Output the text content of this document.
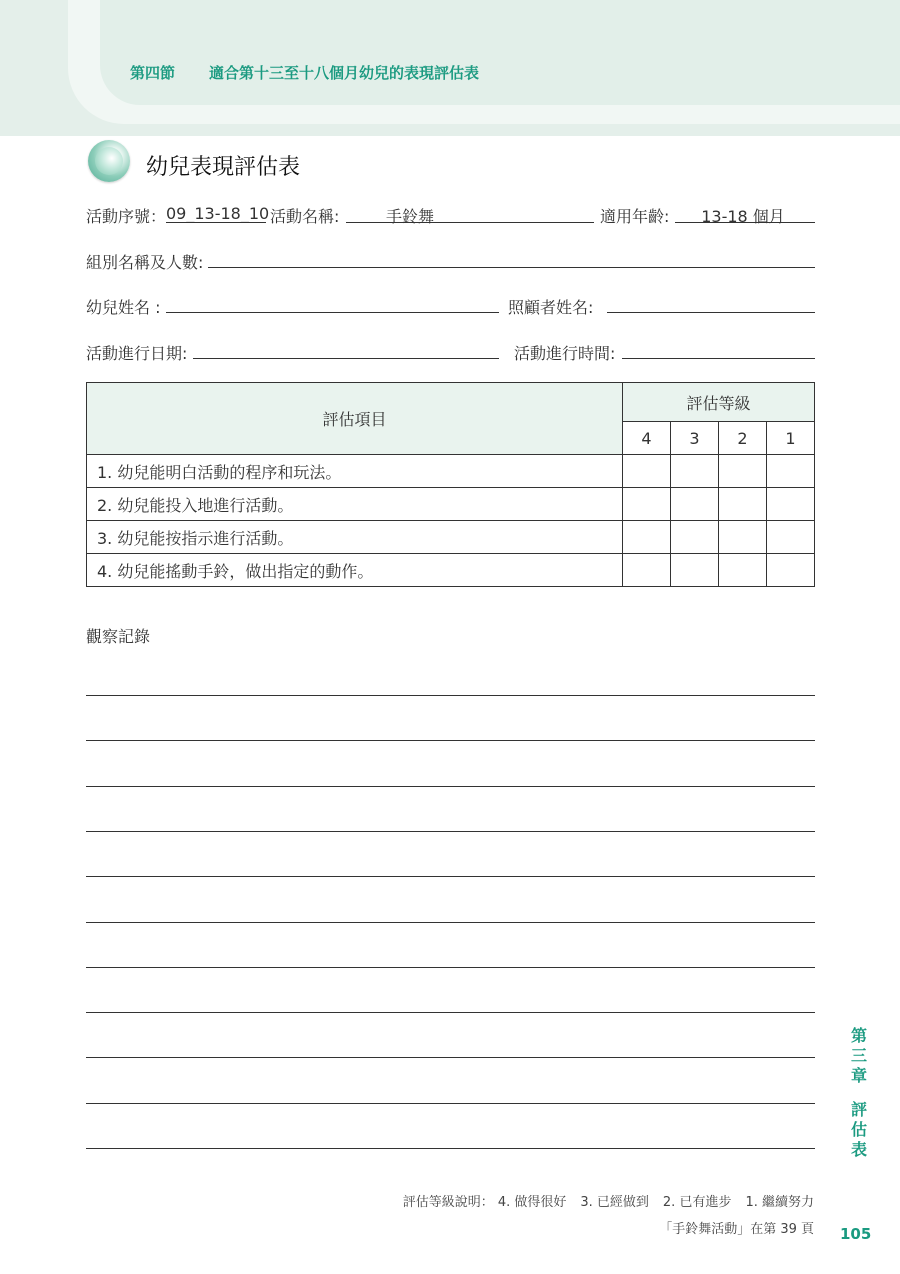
第四節 適合第十三至十八個月幼兒的表現評估表
幼兒表現評估表
活動序號： 09_13-18_10 活動名稱:	手鈴舞	適用年齡:	13-18 個月
組別名稱及人數:
幼兒姓名 :	照顧者姓名:
活動進行日期:	活動進行時間:
評估項目	評估等級			
	4	3	2	1
1. 幼兒能明白活動的程序和玩法。				
2. 幼兒能投入地進行活動。				
3. 幼兒能按指示進行活動。				
4. 幼兒能搖動手鈴，做出指定的動作。				
觀察記錄
第
三
章
評
估
表
評估等級說明： 4. 做得很好 3. 已經做到 2. 已有進步 1. 繼續努力
「手鈴舞活動」在第 39 頁 105
